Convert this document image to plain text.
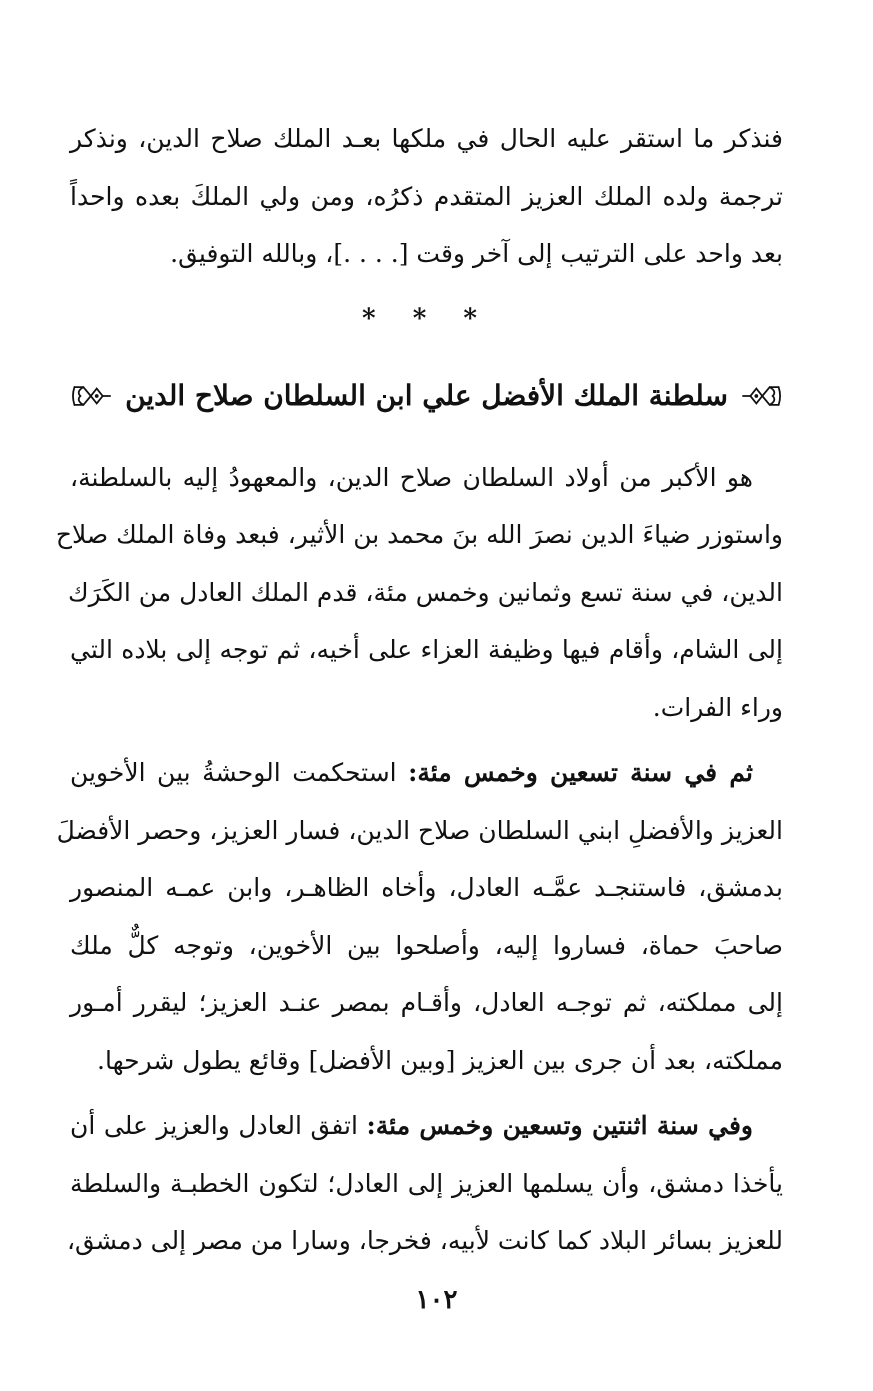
فنذكر ما استقر عليه الحال في ملكها بعـد الملك صلاح الدين، ونذكر
ترجمة ولده الملك العزيز المتقدم ذكرُه، ومن ولي الملكَ بعده واحداً
بعد واحد على الترتيب إلى آخر وقت [. . . .]، وبالله التوفيق.
* * *
سلطنة الملك الأفضل علي ابن السلطان صلاح الدين
هو الأكبر من أولاد السلطان صلاح الدين، والمعهودُ إليه بالسلطنة،
واستوزر ضياءَ الدين نصرَ الله بنَ محمد بن الأثير، فبعد وفاة الملك صلاح
الدين، في سنة تسع وثمانين وخمس مئة، قدم الملك العادل من الكَرَك
إلى الشام، وأقام فيها وظيفة العزاء على أخيه، ثم توجه إلى بلاده التي
وراء الفرات.
ثم في سنة تسعين وخمس مئة: استحكمت الوحشةُ بين الأخوين
العزيز والأفضلِ ابني السلطان صلاح الدين، فسار العزيز، وحصر الأفضلَ
بدمشق، فاستنجـد عمَّـه العادل، وأخاه الظاهـر، وابن عمـه المنصور
صاحبَ حماة، فساروا إليه، وأصلحوا بين الأخوين، وتوجه كلٌّ ملك
إلى مملكته، ثم توجـه العادل، وأقـام بمصر عنـد العزيز؛ ليقرر أمـور
مملكته، بعد أن جرى بين العزيز [وبين الأفضل] وقائع يطول شرحها.
وفي سنة اثنتين وتسعين وخمس مئة: اتفق العادل والعزيز على أن
يأخذا دمشق، وأن يسلمها العزيز إلى العادل؛ لتكون الخطبـة والسلطة
للعزيز بسائر البلاد كما كانت لأبيه، فخرجا، وسارا من مصر إلى دمشق،
١٠٢
